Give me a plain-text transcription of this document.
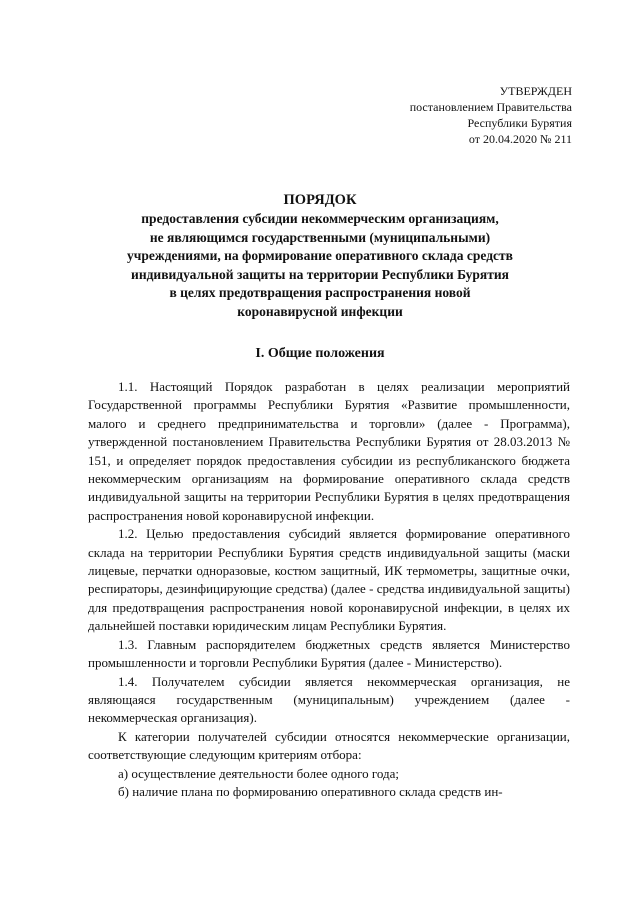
УТВЕРЖДЕН
постановлением Правительства
Республики Бурятия
от 20.04.2020 № 211
ПОРЯДОК
предоставления субсидии некоммерческим организациям,
не являющимся государственными (муниципальными)
учреждениями, на формирование оперативного склада средств
индивидуальной защиты на территории Республики Бурятия
в целях предотвращения распространения новой
коронавирусной инфекции
I. Общие положения

1.1. Настоящий Порядок разработан в целях реализации мероприятий Государственной программы Республики Бурятия «Развитие промышленности, малого и среднего предпринимательства и торговли» (далее - Программа), утвержденной постановлением Правительства Республики Бурятия от 28.03.2013 № 151, и определяет порядок предоставления субсидии из республиканского бюджета некоммерческим организациям на формирование оперативного склада средств индивидуальной защиты на территории Республики Бурятия в целях предотвращения распространения новой коронавирусной инфекции.

1.2. Целью предоставления субсидий является формирование оперативного склада на территории Республики Бурятия средств индивидуальной защиты (маски лицевые, перчатки одноразовые, костюм защитный, ИК термометры, защитные очки, респираторы, дезинфицирующие средства) (далее - средства индивидуальной защиты) для предотвращения распространения новой коронавирусной инфекции, в целях их дальнейшей поставки юридическим лицам Республики Бурятия.

1.3. Главным распорядителем бюджетных средств является Министерство промышленности и торговли Республики Бурятия (далее - Министерство).

1.4. Получателем субсидии является некоммерческая организация, не являющаяся государственным (муниципальным) учреждением (далее - некоммерческая организация).

К категории получателей субсидии относятся некоммерческие организации, соответствующие следующим критериям отбора:

а) осуществление деятельности более одного года;

б) наличие плана по формированию оперативного склада средств ин-
